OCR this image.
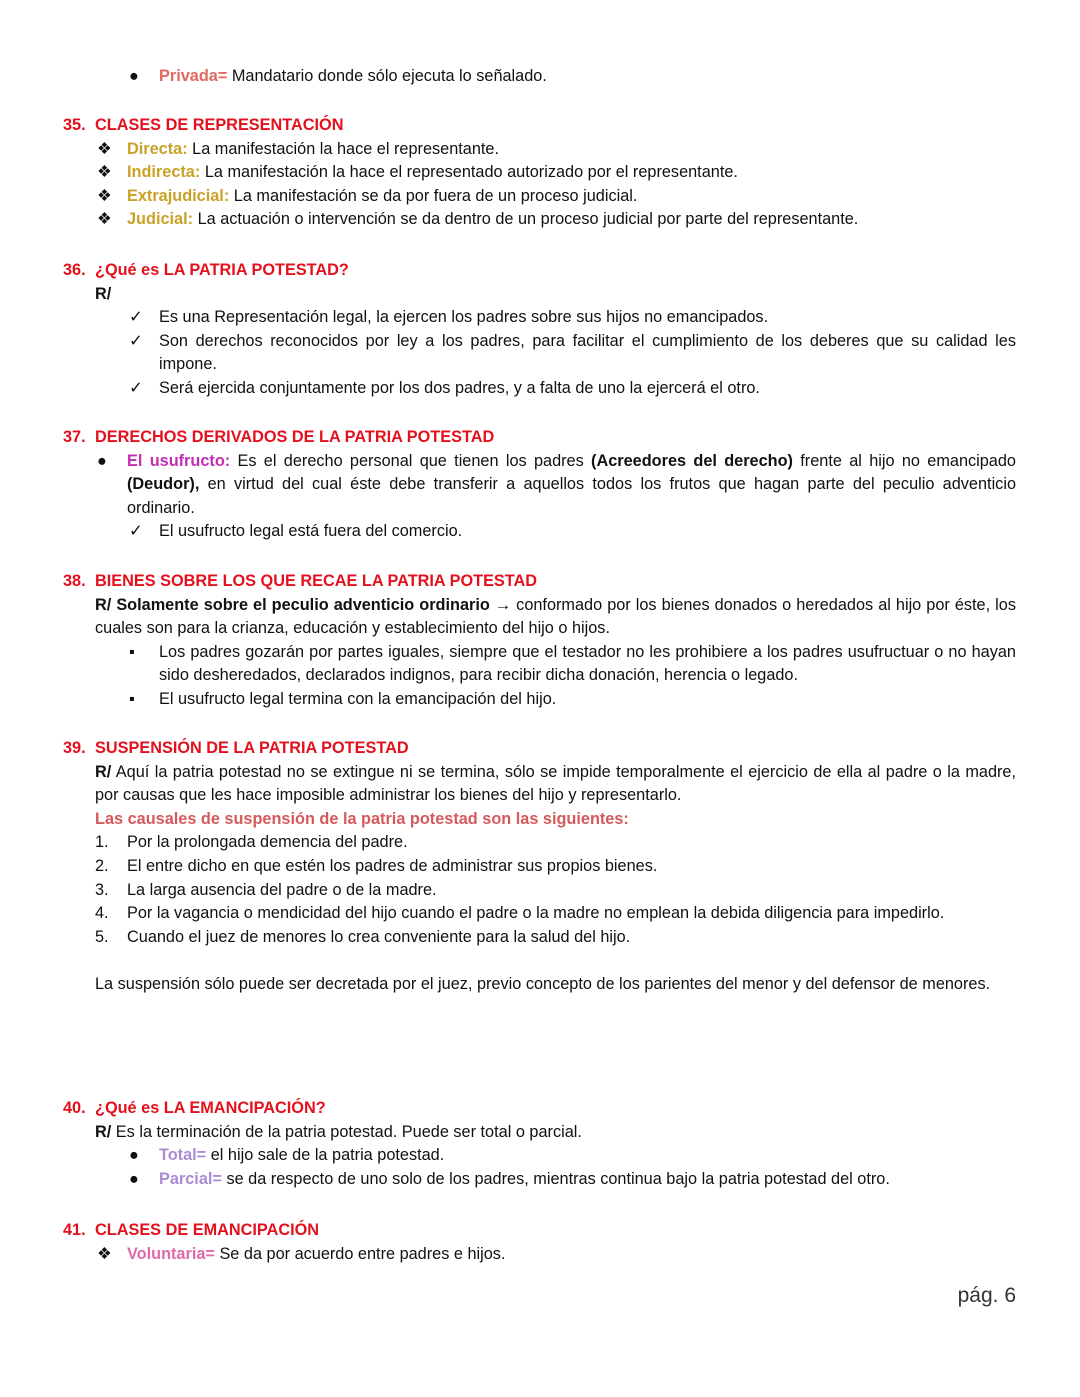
● Privada= Mandatario donde sólo ejecuta lo señalado.
35. CLASES DE REPRESENTACIÓN
❖ Directa: La manifestación la hace el representante.
❖ Indirecta: La manifestación la hace el representado autorizado por el representante.
❖ Extrajudicial: La manifestación se da por fuera de un proceso judicial.
❖ Judicial: La actuación o intervención se da dentro de un proceso judicial por parte del representante.
36. ¿Qué es LA PATRIA POTESTAD?
R/
✓ Es una Representación legal, la ejercen los padres sobre sus hijos no emancipados.
✓ Son derechos reconocidos por ley a los padres, para facilitar el cumplimiento de los deberes que su calidad les impone.
✓ Será ejercida conjuntamente por los dos padres, y a falta de uno la ejercerá el otro.
37. DERECHOS DERIVADOS DE LA PATRIA POTESTAD
● El usufructo: Es el derecho personal que tienen los padres (Acreedores del derecho) frente al hijo no emancipado (Deudor), en virtud del cual éste debe transferir a aquellos todos los frutos que hagan parte del peculio adventicio ordinario.
✓ El usufructo legal está fuera del comercio.
38. BIENES SOBRE LOS QUE RECAE LA PATRIA POTESTAD
R/ Solamente sobre el peculio adventicio ordinario → conformado por los bienes donados o heredados al hijo por éste, los cuales son para la crianza, educación y establecimiento del hijo o hijos.
▪ Los padres gozarán por partes iguales, siempre que el testador no les prohibiere a los padres usufructuar o no hayan sido desheredados, declarados indignos, para recibir dicha donación, herencia o legado.
▪ El usufructo legal termina con la emancipación del hijo.
39. SUSPENSIÓN DE LA PATRIA POTESTAD
R/ Aquí la patria potestad no se extingue ni se termina, sólo se impide temporalmente el ejercicio de ella al padre o la madre, por causas que les hace imposible administrar los bienes del hijo y representarlo.
Las causales de suspensión de la patria potestad son las siguientes:
1. Por la prolongada demencia del padre.
2. El entre dicho en que estén los padres de administrar sus propios bienes.
3. La larga ausencia del padre o de la madre.
4. Por la vagancia o mendicidad del hijo cuando el padre o la madre no emplean la debida diligencia para impedirlo.
5. Cuando el juez de menores lo crea conveniente para la salud del hijo.
La suspensión sólo puede ser decretada por el juez, previo concepto de los parientes del menor y del defensor de menores.
40. ¿Qué es LA EMANCIPACIÓN?
R/ Es la terminación de la patria potestad. Puede ser total o parcial.
● Total= el hijo sale de la patria potestad.
● Parcial= se da respecto de uno solo de los padres, mientras continua bajo la patria potestad del otro.
41. CLASES DE EMANCIPACIÓN
❖ Voluntaria= Se da por acuerdo entre padres e hijos.
pág. 6
